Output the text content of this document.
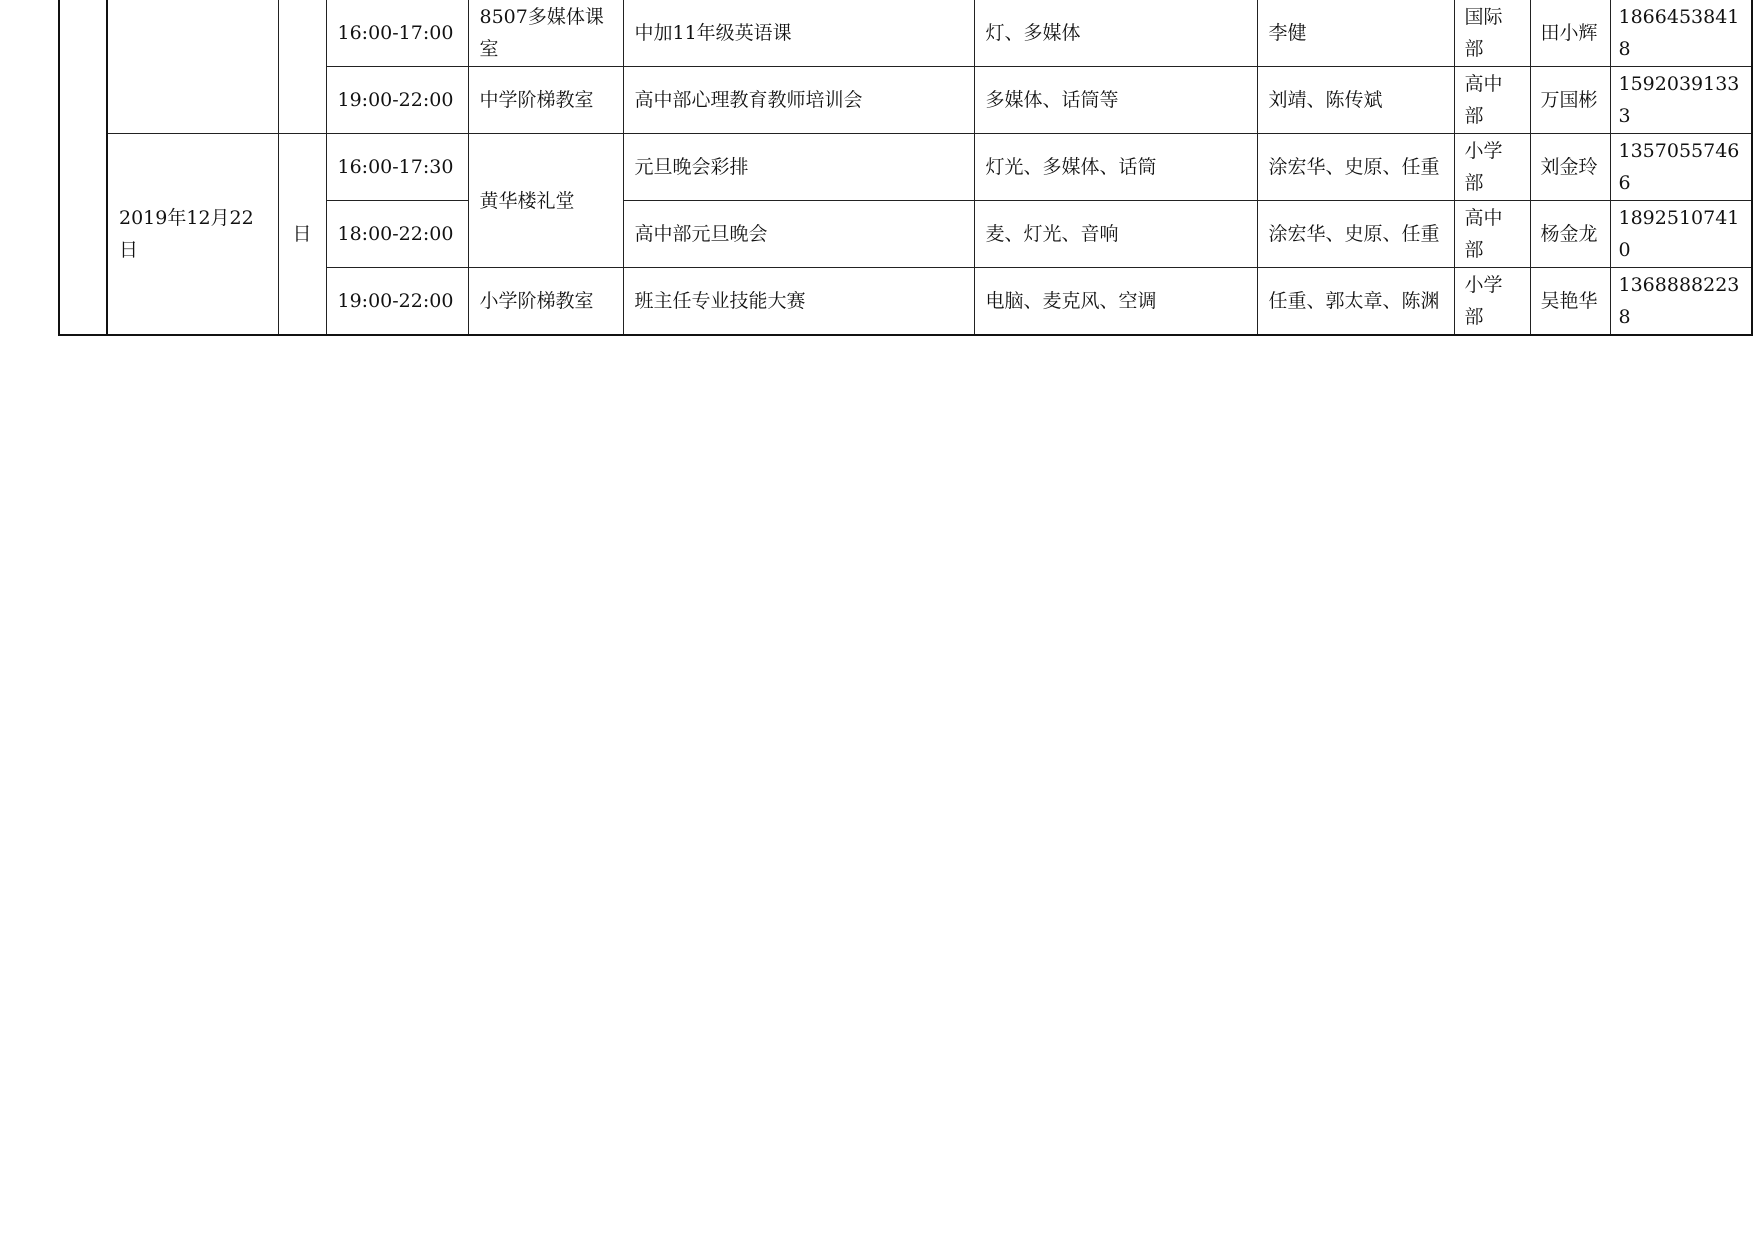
			16:00-17:00	8507多媒体课室	中加11年级英语课	灯、多媒体	李健	国际部	田小辉	18664538418
			19:00-22:00	中学阶梯教室	高中部心理教育教师培训会	多媒体、话筒等	刘靖、陈传斌	高中部	万国彬	15920391333
	2019年12月22日	日	16:00-17:30	黄华楼礼堂	元旦晚会彩排	灯光、多媒体、话筒	涂宏华、史原、任重	小学部	刘金玲	13570557466
			18:00-22:00		高中部元旦晚会	麦、灯光、音响	涂宏华、史原、任重	高中部	杨金龙	18925107410
			19:00-22:00	小学阶梯教室	班主任专业技能大赛	电脑、麦克风、空调	任重、郭太章、陈渊	小学部	吴艳华	13688882238
